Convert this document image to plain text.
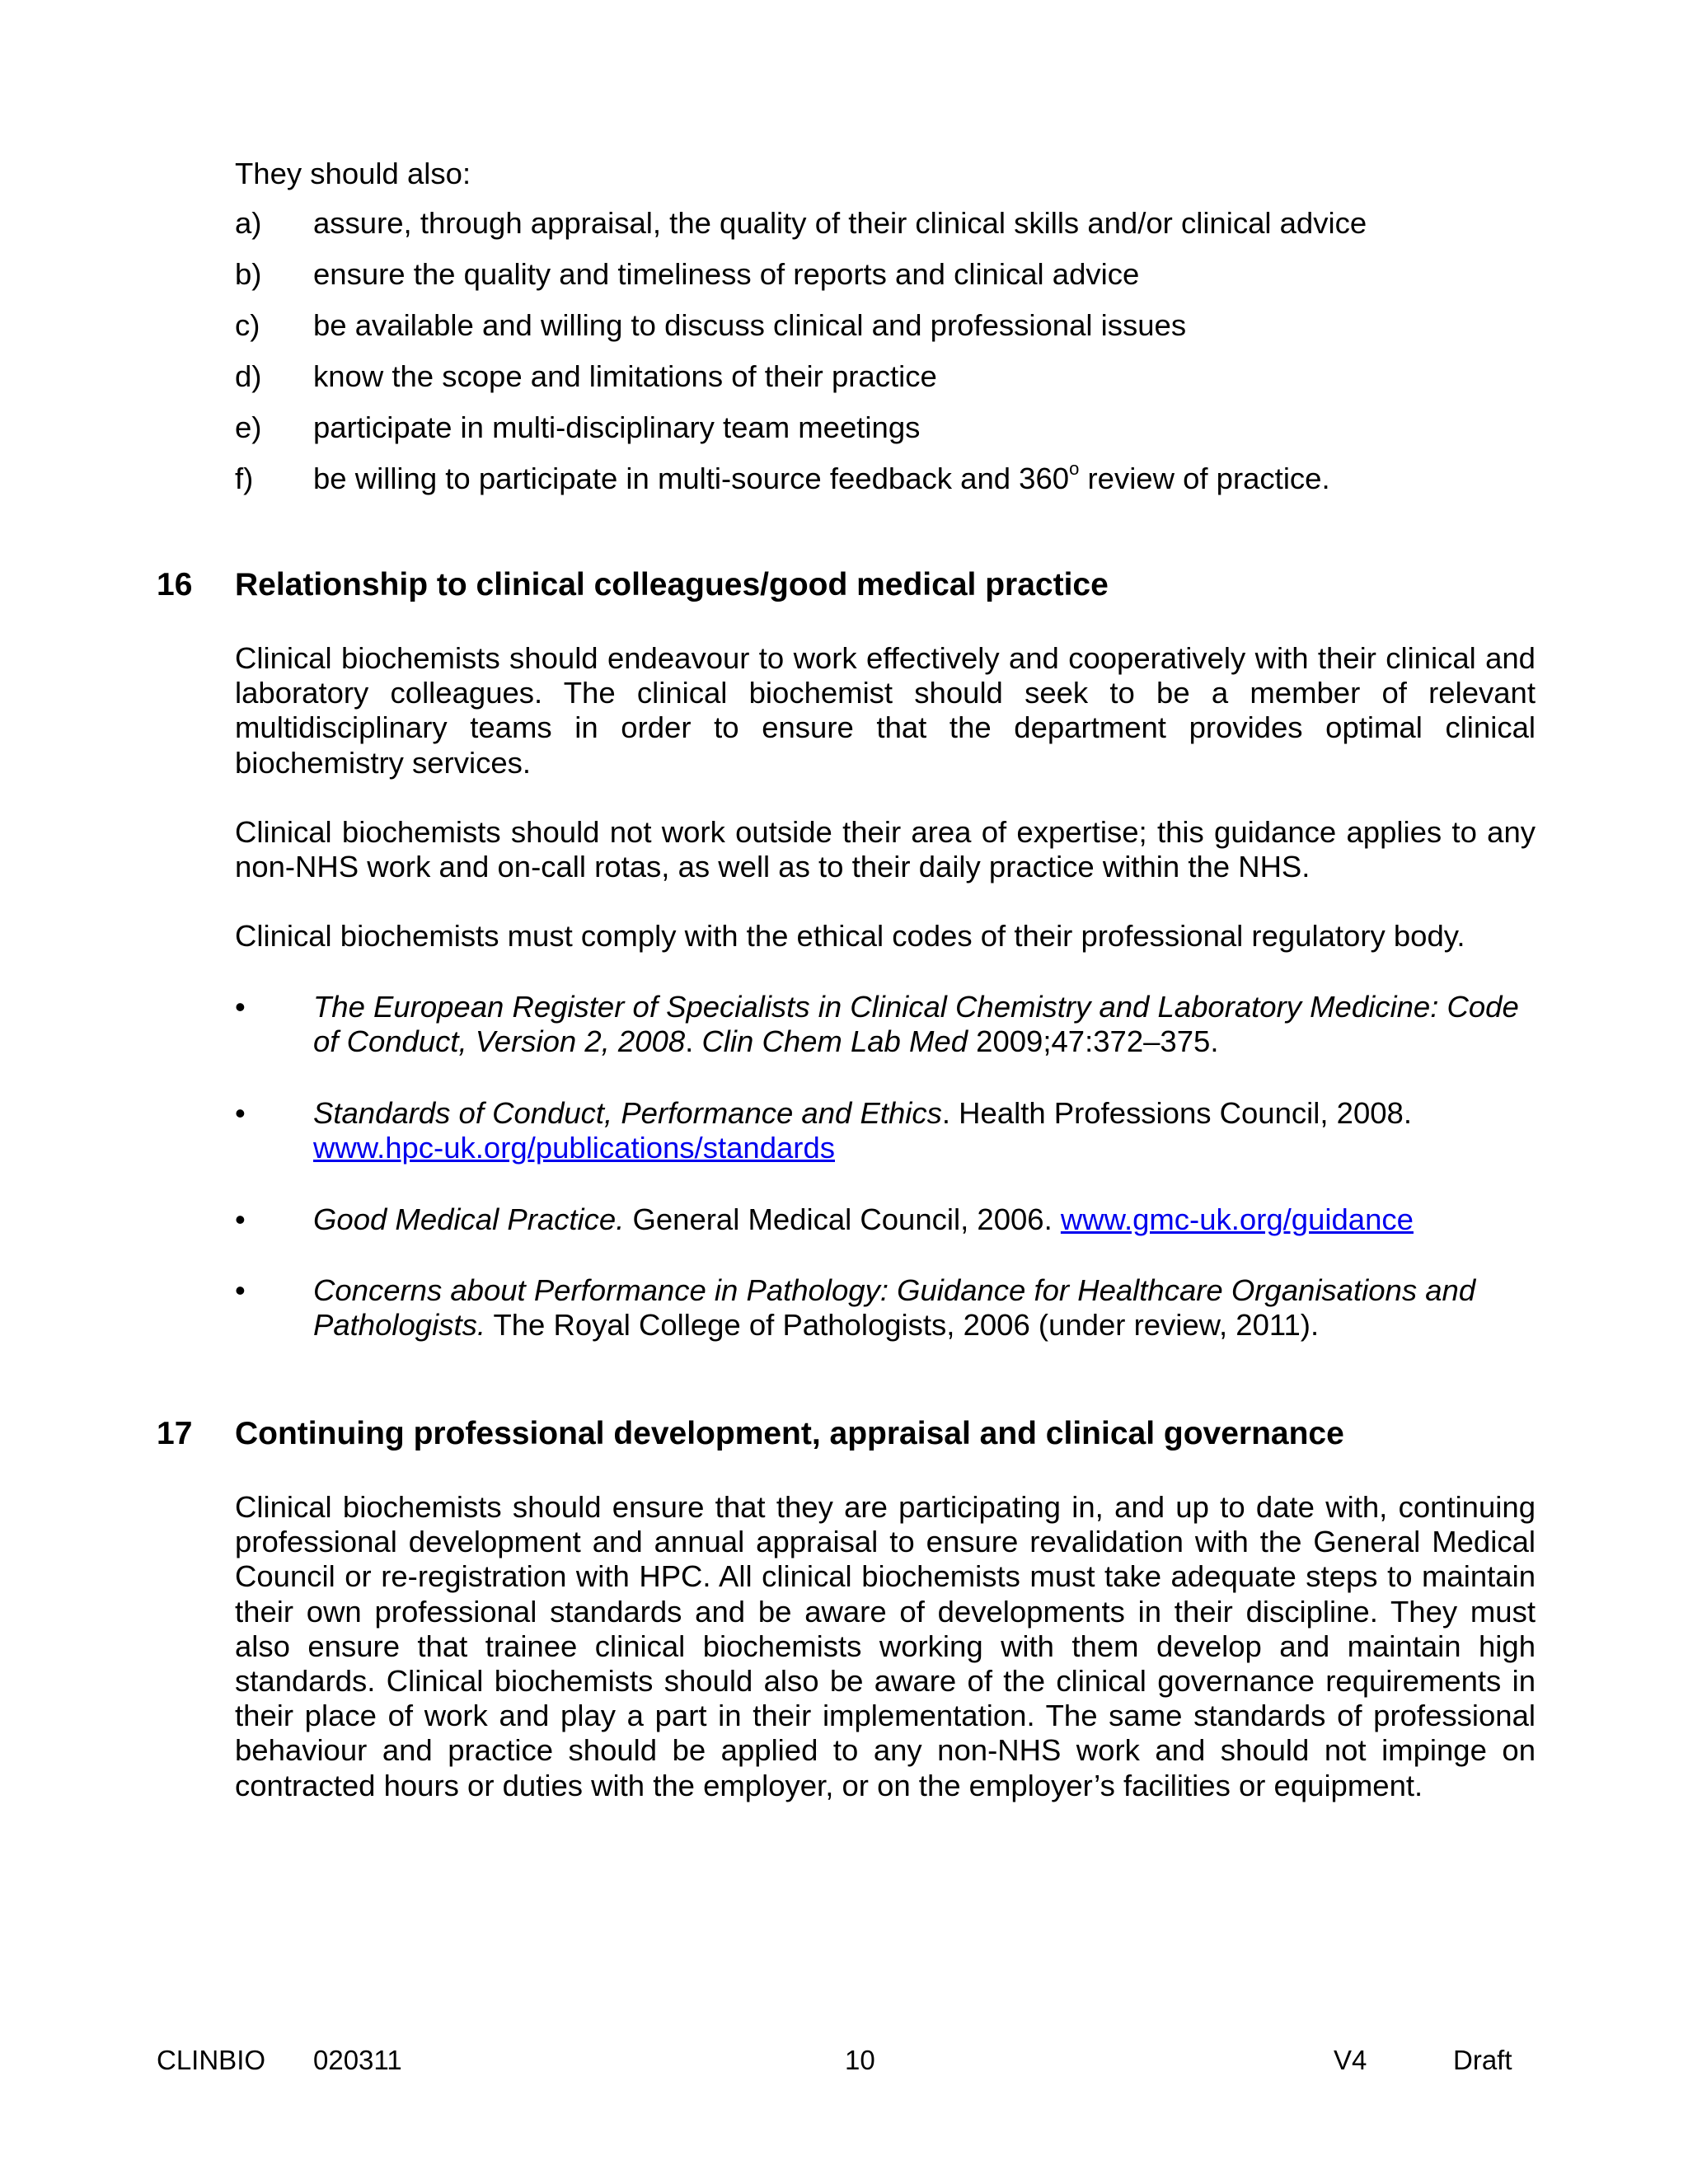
They should also:
a) assure, through appraisal, the quality of their clinical skills and/or clinical advice
b) ensure the quality and timeliness of reports and clinical advice
c) be available and willing to discuss clinical and professional issues
d) know the scope and limitations of their practice
e) participate in multi-disciplinary team meetings
f) be willing to participate in multi-source feedback and 360$^o$ review of practice.
16 Relationship to clinical colleagues/good medical practice
Clinical biochemists should endeavour to work effectively and cooperatively with their clinical and laboratory colleagues. The clinical biochemist should seek to be a member of relevant multidisciplinary teams in order to ensure that the department provides optimal clinical biochemistry services.
Clinical biochemists should not work outside their area of expertise; this guidance applies to any non-NHS work and on-call rotas, as well as to their daily practice within the NHS.
Clinical biochemists must comply with the ethical codes of their professional regulatory body.
• The European Register of Specialists in Clinical Chemistry and Laboratory Medicine: Code of Conduct, Version 2, 2008. Clin Chem Lab Med 2009;47:372–375.
• Standards of Conduct, Performance and Ethics. Health Professions Council, 2008.
www.hpc-uk.org/publications/standards
• Good Medical Practice. General Medical Council, 2006. www.gmc-uk.org/guidance
• Concerns about Performance in Pathology: Guidance for Healthcare Organisations and Pathologists. The Royal College of Pathologists, 2006 (under review, 2011).
17 Continuing professional development, appraisal and clinical governance
Clinical biochemists should ensure that they are participating in, and up to date with, continuing professional development and annual appraisal to ensure revalidation with the General Medical Council or re-registration with HPC. All clinical biochemists must take adequate steps to maintain their own professional standards and be aware of developments in their discipline. They must also ensure that trainee clinical biochemists working with them develop and maintain high standards. Clinical biochemists should also be aware of the clinical governance requirements in their place of work and play a part in their implementation. The same standards of professional behaviour and practice should be applied to any non-NHS work and should not impinge on contracted hours or duties with the employer, or on the employer’s facilities or equipment.
CLINBIO 020311	10	V4	Draft
